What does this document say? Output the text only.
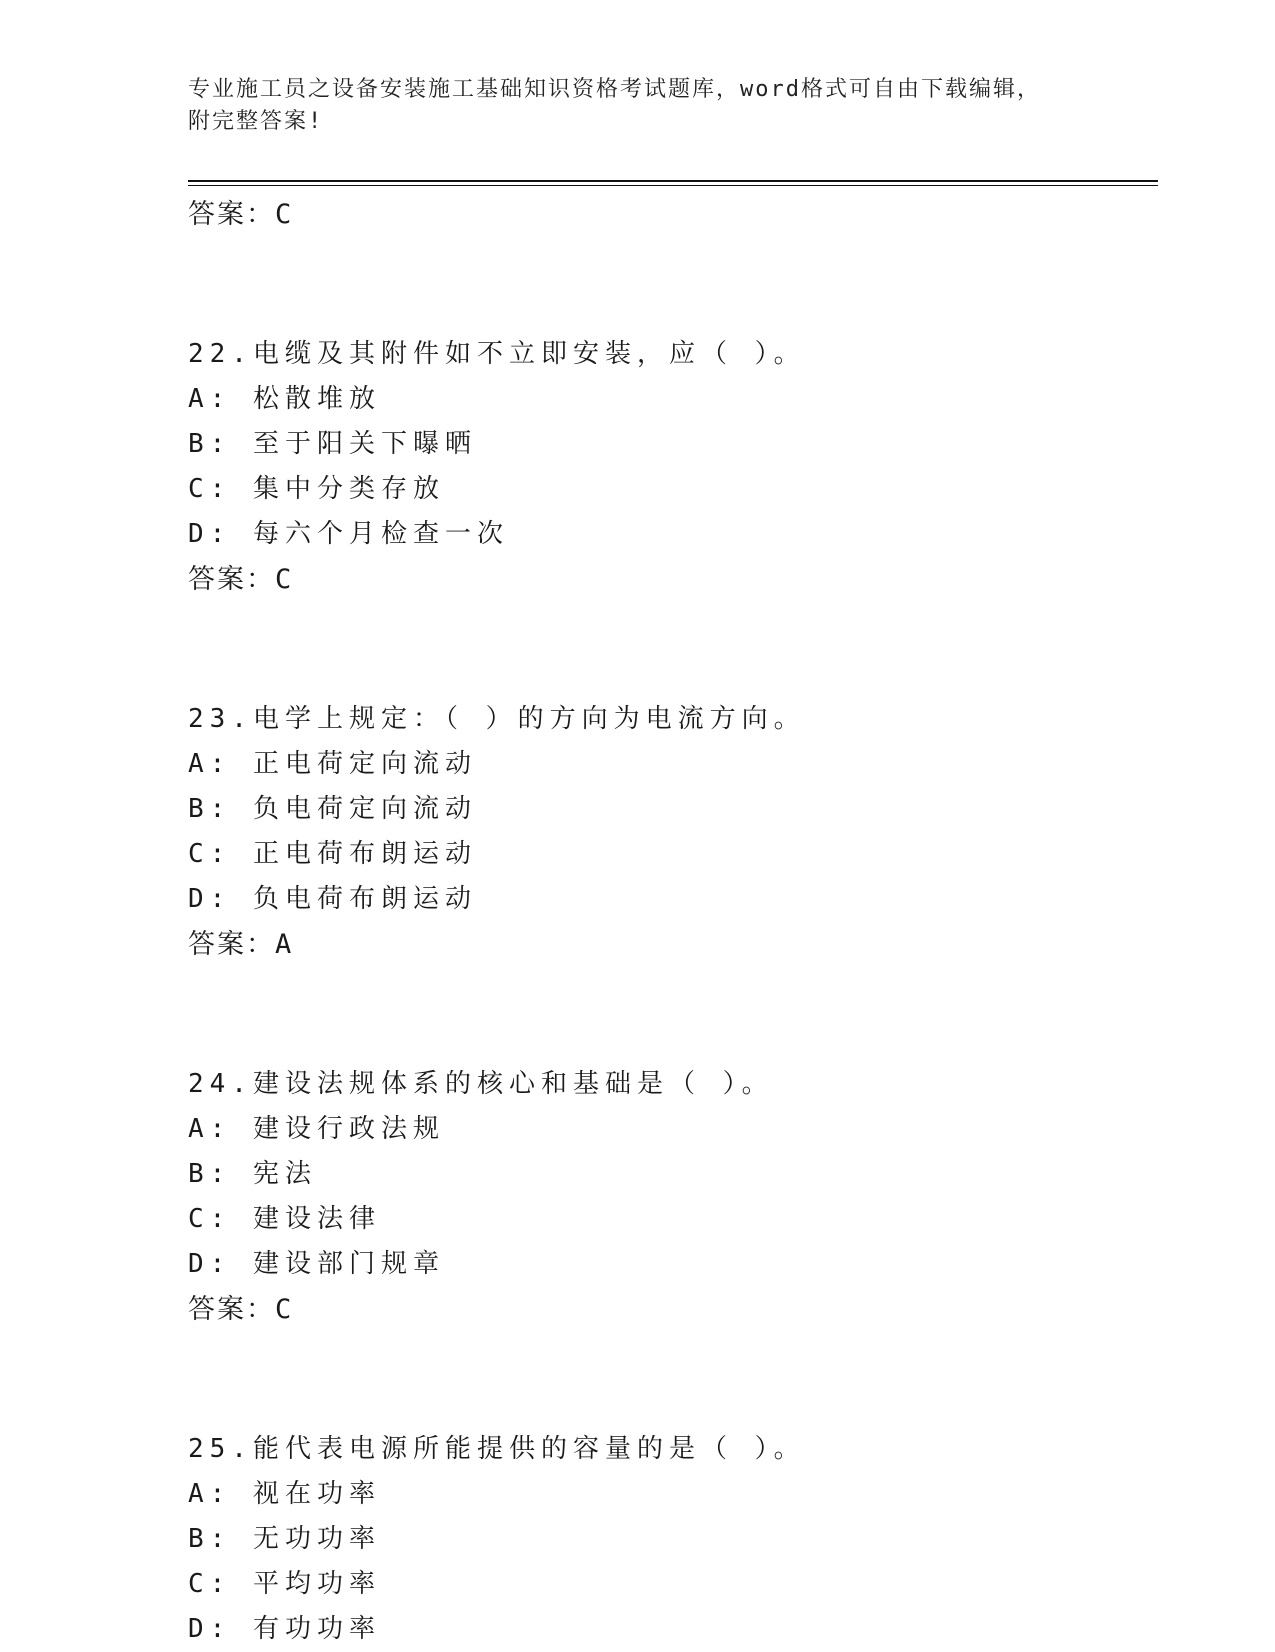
专业施工员之设备安装施工基础知识资格考试题库，word格式可自由下载编辑，
附完整答案!
答案：C
22.电缆及其附件如不立即安装，应（ ）。
A: 松散堆放
B: 至于阳关下曝晒
C: 集中分类存放
D: 每六个月检查一次
答案：C
23.电学上规定：（ ）的方向为电流方向。
A: 正电荷定向流动
B: 负电荷定向流动
C: 正电荷布朗运动
D: 负电荷布朗运动
答案：A
24.建设法规体系的核心和基础是（ ）。
A: 建设行政法规
B: 宪法
C: 建设法律
D: 建设部门规章
答案：C
25.能代表电源所能提供的容量的是（ ）。
A: 视在功率
B: 无功功率
C: 平均功率
D: 有功功率
